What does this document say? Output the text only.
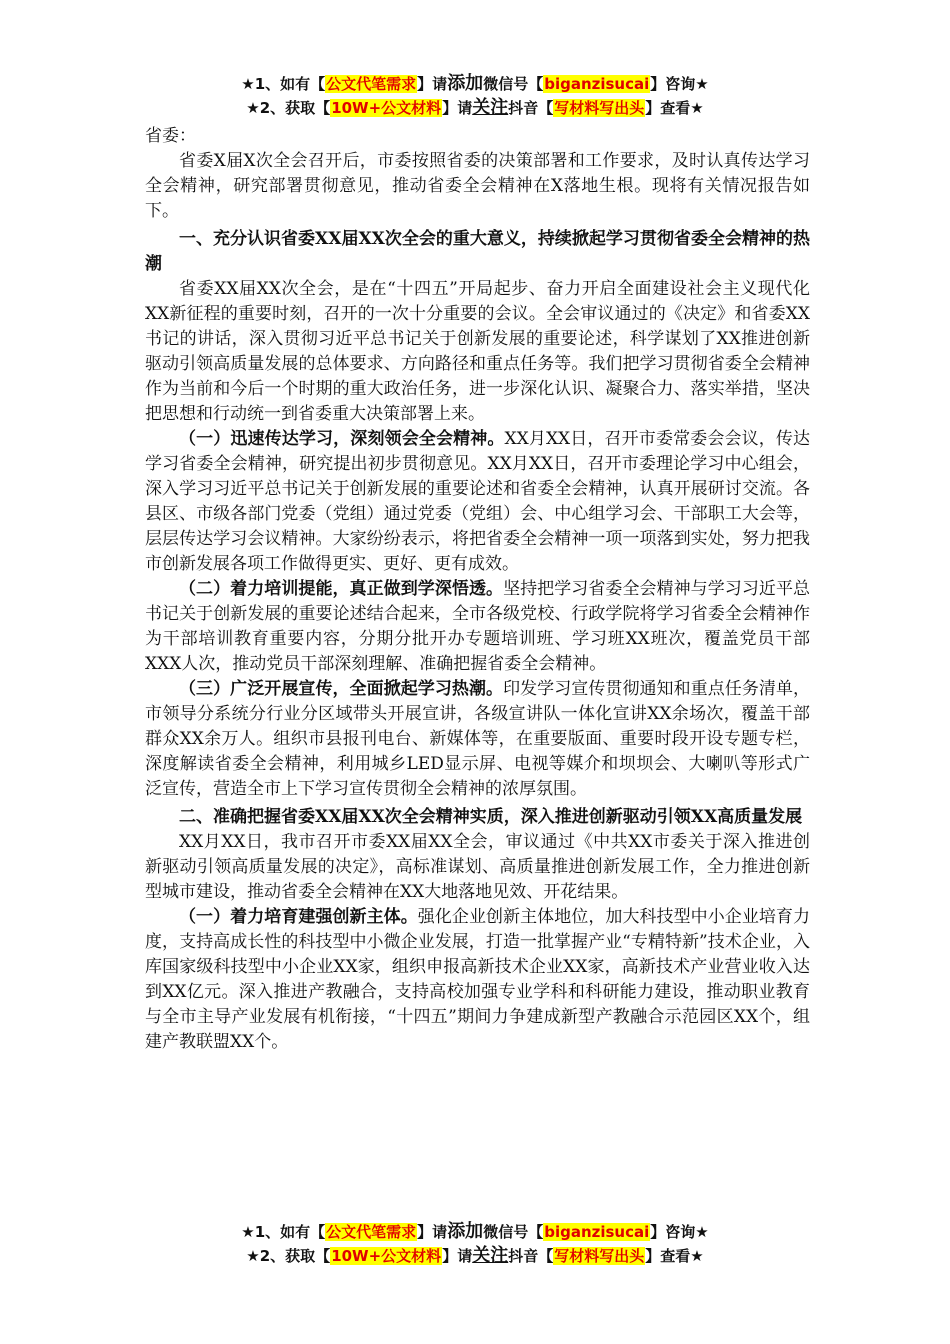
★1、如有【公文代笔需求】请添加微信号【biganzisucai】咨询★
★2、获取【10W+公文材料】请关注抖音【写材料写出头】查看★

省委：

省委X届X次全会召开后，市委按照省委的决策部署和工作要求，及时认真传达学习全会精神，研究部署贯彻意见，推动省委全会精神在X落地生根。现将有关情况报告如下。

一、充分认识省委XX届XX次全会的重大意义，持续掀起学习贯彻省委全会精神的热潮

省委XX届XX次全会，是在“十四五”开局起步、奋力开启全面建设社会主义现代化XX新征程的重要时刻，召开的一次十分重要的会议。全会审议通过的《决定》和省委XX书记的讲话，深入贯彻习近平总书记关于创新发展的重要论述，科学谋划了XX推进创新驱动引领高质量发展的总体要求、方向路径和重点任务等。我们把学习贯彻省委全会精神作为当前和今后一个时期的重大政治任务，进一步深化认识、凝聚合力、落实举措，坚决把思想和行动统一到省委重大决策部署上来。

（一）迅速传达学习，深刻领会全会精神。XX月XX日，召开市委常委会会议，传达学习省委全会精神，研究提出初步贯彻意见。XX月XX日，召开市委理论学习中心组会，深入学习习近平总书记关于创新发展的重要论述和省委全会精神，认真开展研讨交流。各县区、市级各部门党委（党组）通过党委（党组）会、中心组学习会、干部职工大会等，层层传达学习会议精神。大家纷纷表示，将把省委全会精神一项一项落到实处，努力把我市创新发展各项工作做得更实、更好、更有成效。

（二）着力培训提能，真正做到学深悟透。坚持把学习省委全会精神与学习习近平总书记关于创新发展的重要论述结合起来，全市各级党校、行政学院将学习省委全会精神作为干部培训教育重要内容，分期分批开办专题培训班、学习班XX班次，覆盖党员干部XXX人次，推动党员干部深刻理解、准确把握省委全会精神。

（三）广泛开展宣传，全面掀起学习热潮。印发学习宣传贯彻通知和重点任务清单，市领导分系统分行业分区域带头开展宣讲，各级宣讲队一体化宣讲XX余场次，覆盖干部群众XX余万人。组织市县报刊电台、新媒体等，在重要版面、重要时段开设专题专栏，深度解读省委全会精神，利用城乡LED显示屏、电视等媒介和坝坝会、大喇叭等形式广泛宣传，营造全市上下学习宣传贯彻全会精神的浓厚氛围。

二、准确把握省委XX届XX次全会精神实质，深入推进创新驱动引领XX高质量发展

XX月XX日，我市召开市委XX届XX全会，审议通过《中共XX市委关于深入推进创新驱动引领高质量发展的决定》，高标准谋划、高质量推进创新发展工作，全力推进创新型城市建设，推动省委全会精神在XX大地落地见效、开花结果。

（一）着力培育建强创新主体。强化企业创新主体地位，加大科技型中小企业培育力度，支持高成长性的科技型中小微企业发展，打造一批掌握产业“专精特新”技术企业，入库国家级科技型中小企业XX家，组织申报高新技术企业XX家，高新技术产业营业收入达到XX亿元。深入推进产教融合，支持高校加强专业学科和科研能力建设，推动职业教育与全市主导产业发展有机衔接，“十四五”期间力争建成新型产教融合示范园区XX个，组建产教联盟XX个。

★1、如有【公文代笔需求】请添加微信号【biganzisucai】咨询★
★2、获取【10W+公文材料】请关注抖音【写材料写出头】查看★
